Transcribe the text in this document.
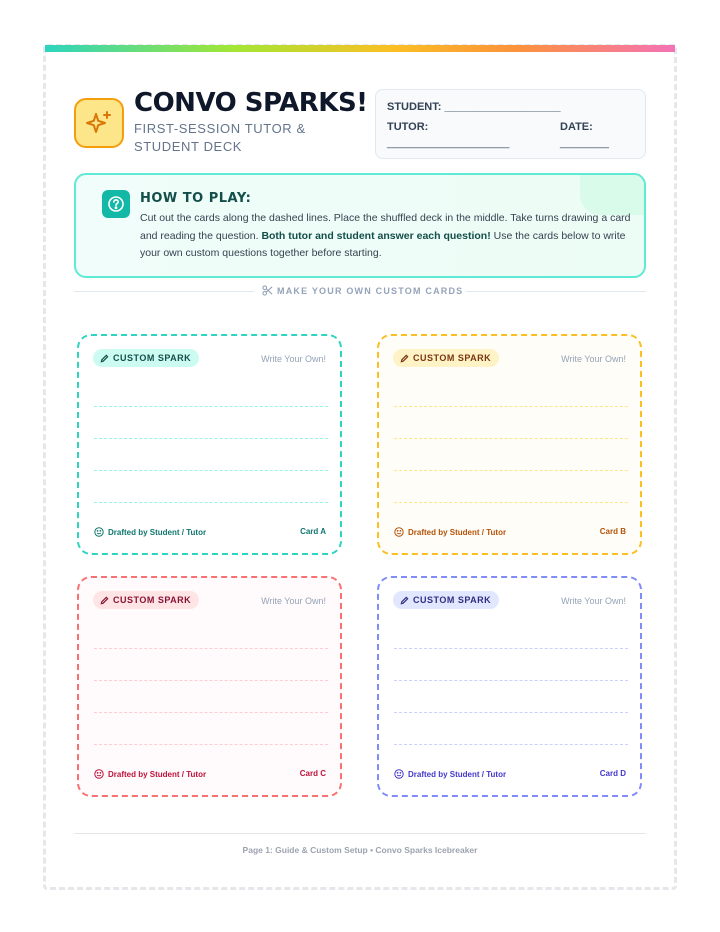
CONVO SPARKS!
FIRST-SESSION TUTOR & STUDENT DECK
STUDENT: ___________________
TUTOR:
____________________
DATE:
________
HOW TO PLAY:
Cut out the cards along the dashed lines. Place the shuffled deck in the middle. Take turns drawing a card and reading the question. Both tutor and student answer each question! Use the cards below to write your own custom questions together before starting.
MAKE YOUR OWN CUSTOM CARDS
CUSTOM SPARK	Write Your Own!
Drafted by Student / Tutor	Card A
CUSTOM SPARK	Write Your Own!
Drafted by Student / Tutor	Card B
CUSTOM SPARK	Write Your Own!
Drafted by Student / Tutor	Card C
CUSTOM SPARK	Write Your Own!
Drafted by Student / Tutor	Card D
Page 1: Guide & Custom Setup • Convo Sparks Icebreaker
